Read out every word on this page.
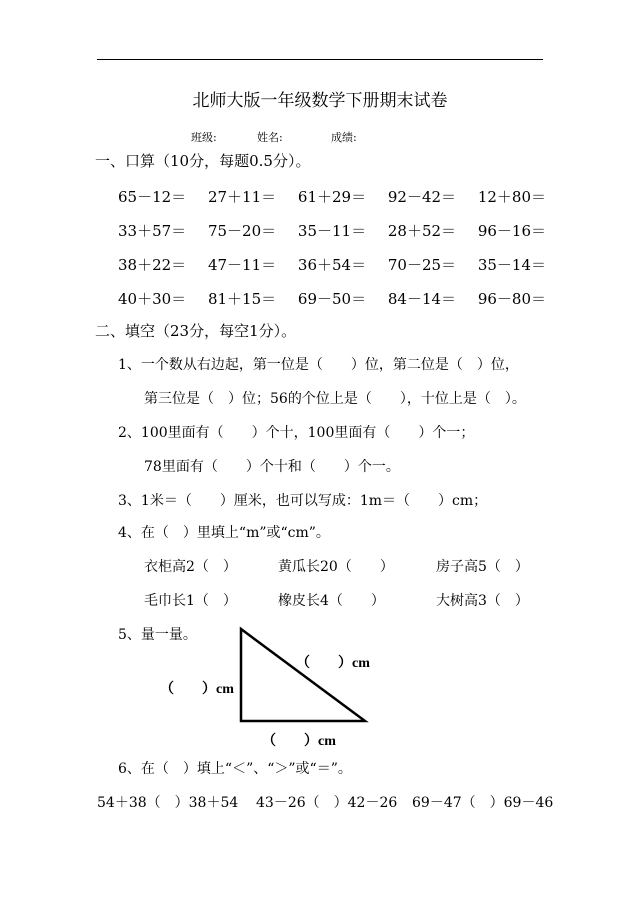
北师大版一年级数学下册期末试卷
班级:	姓名:	成绩:
一、口算（10分，每题0.5分）。
65－12＝ 27＋11＝ 61＋29＝ 92－42＝ 12＋80＝
33＋57＝ 75－20＝ 35－11＝ 28＋52＝ 96－16＝
38＋22＝ 47－11＝ 36＋54＝ 70－25＝ 35－14＝
40＋30＝ 81＋15＝ 69－50＝ 84－14＝ 96－80＝
二、填空（23分，每空1分）。
1、一个数从右边起，第一位是（　　）位，第二位是（　）位，
第三位是（　）位；56的个位上是（　　），十位上是（　）。
2、100里面有（　　）个十，100里面有（　　）个一；
78里面有（　　）个十和（　　）个一。
3、1米＝（　　）厘米，也可以写成：1m＝（　　）cm；
4、在（　）里填上“m”或“cm”。
衣柜高2（　）	黄瓜长20（　　）	房子高5（　）
毛巾长1（　）	橡皮长4（　　）	大树高3（　）
5、量一量。
（　　）cm
（　　）cm
（　　）cm
6、在（　）填上“＜”、“＞”或“＝”。
54＋38（　）38＋54 43－26（　）42－26 69－47（　）69－46
